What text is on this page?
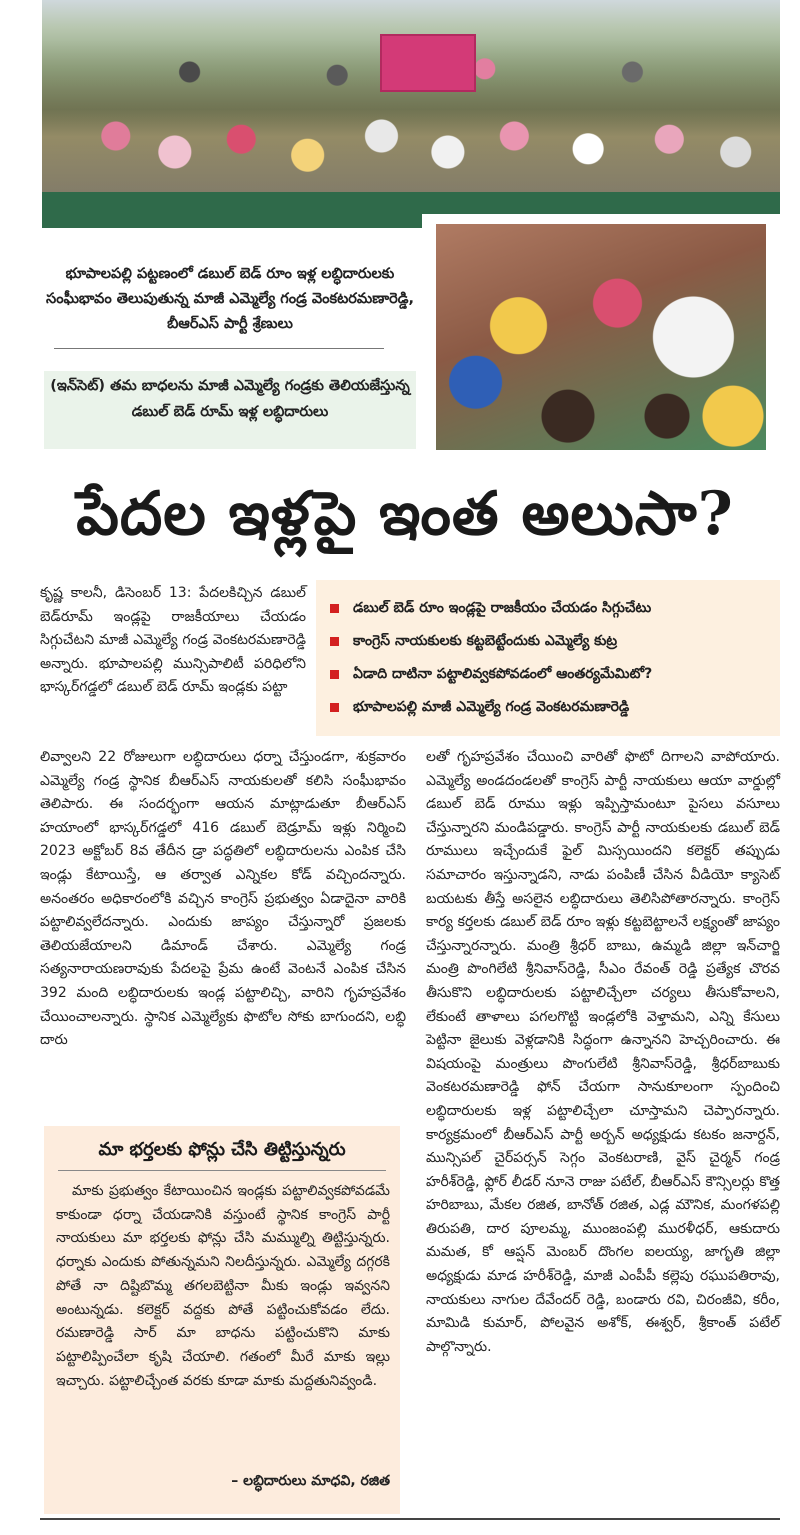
భూపాలపల్లి పట్టణంలో డబుల్ బెడ్ రూం ఇళ్ల లబ్ధిదారులకు సంఘీభావం తెలుపుతున్న మాజీ ఎమ్మెల్యే గండ్ర వెంకటరమణారెడ్డి, బీఆర్ఎస్ పార్టీ శ్రేణులు
(ఇన్‌సెట్) తమ బాధలను మాజీ ఎమ్మెల్యే గండ్రకు తెలియజేస్తున్న డబుల్ బెడ్ రూమ్ ఇళ్ల లబ్ధిదారులు
పేదల ఇళ్లపై ఇంత అలుసా?
కృష్ణ కాలనీ, డిసెంబర్ 13: పేదలకిచ్చిన డబుల్ బెడ్‌రూమ్ ఇండ్లపై రాజకీయాలు చేయడం సిగ్గుచేటని మాజీ ఎమ్మెల్యే గండ్ర వెంకటరమణారెడ్డి అన్నారు. భూపాలపల్లి మున్సిపాలిటీ పరిధిలోని భాస్కర్‌గడ్డలో డబుల్ బెడ్ రూమ్ ఇండ్లకు పట్టా
డబుల్ బెడ్ రూం ఇండ్లపై రాజకీయం చేయడం సిగ్గుచేటు
కాంగ్రెస్ నాయకులకు కట్టబెట్టేందుకు ఎమ్మెల్యే కుట్ర
ఏడాది దాటినా పట్టాలివ్వకపోవడంలో ఆంతర్యమేమిటో?
భూపాలపల్లి మాజీ ఎమ్మెల్యే గండ్ర వెంకటరమణారెడ్డి
లివ్వాలని 22 రోజులుగా లబ్ధిదారులు ధర్నా చేస్తుండగా, శుక్రవారం ఎమ్మెల్యే గండ్ర స్థానిక బీఆర్ఎస్ నాయకులతో కలిసి సంఘీభావం తెలిపారు. ఈ సందర్భంగా ఆయన మాట్లాడుతూ బీఆర్ఎస్ హయాంలో భాస్కర్‌గడ్డలో 416 డబుల్ బెడ్రూమ్ ఇళ్లు నిర్మించి 2023 అక్టోబర్ 8వ తేదీన డ్రా పద్ధతిలో లబ్ధిదారులను ఎంపిక చేసి ఇండ్లు కేటాయిస్తే, ఆ తర్వాత ఎన్నికల కోడ్ వచ్చిందన్నారు. అనంతరం అధికారంలోకి వచ్చిన కాంగ్రెస్ ప్రభుత్వం ఏడాదైనా వారికి పట్టాలివ్వలేదన్నారు. ఎందుకు జాప్యం చేస్తున్నారో ప్రజలకు తెలియజేయాలని డిమాండ్ చేశారు. ఎమ్మెల్యే గండ్ర సత్యనారాయణరావుకు పేదలపై ప్రేమ ఉంటే వెంటనే ఎంపిక చేసిన 392 మంది లబ్ధిదారులకు ఇండ్ల పట్టాలిచ్చి, వారిని గృహప్రవేశం చేయించాలన్నారు. స్థానిక ఎమ్మెల్యేకు ఫొటోల సోకు బాగుందని, లబ్ధి దారు
లతో గృహప్రవేశం చేయించి వారితో ఫొటో దిగాలని వాపోయారు. ఎమ్మెల్యే అండదండలతో కాంగ్రెస్ పార్టీ నాయకులు ఆయా వార్డుల్లో డబుల్ బెడ్ రూము ఇళ్లు ఇప్పిస్తామంటూ పైసలు వసూలు చేస్తున్నారని మండిపడ్డారు. కాంగ్రెస్ పార్టీ నాయకులకు డబుల్ బెడ్ రూములు ఇచ్చేందుకే ఫైల్ మిస్సయిందని కలెక్టర్ తప్పుడు సమాచారం ఇస్తున్నాడని, నాడు పంపిణీ చేసిన వీడియో క్యాసెట్ బయటకు తీస్తే అసలైన లబ్ధిదారులు తెలిసిపోతారన్నారు. కాంగ్రెస్ కార్య కర్తలకు డబుల్ బెడ్ రూం ఇళ్లు కట్టబెట్టాలనే లక్ష్యంతో జాప్యం చేస్తున్నారన్నారు. మంత్రి శ్రీధర్ బాబు, ఉమ్మడి జిల్లా ఇన్‌చార్జి మంత్రి పొంగిలేటి శ్రీనివాస్‌రెడ్డి, సీఎం రేవంత్ రెడ్డి ప్రత్యేక చొరవ తీసుకొని లబ్ధిదారులకు పట్టాలిచ్చేలా చర్యలు తీసుకోవాలని, లేకుంటే తాళాలు పగలగొట్టి ఇండ్లలోకి వెళ్తామని, ఎన్ని కేసులు పెట్టినా జైలుకు వెళ్లడానికి సిద్ధంగా ఉన్నానని హెచ్చరించారు. ఈ విషయంపై మంత్రులు పొంగులేటి శ్రీనివాస్‌రెడ్డి, శ్రీధర్‌బాబుకు వెంకటరమణారెడ్డి ఫోన్ చేయగా సానుకూలంగా స్పందించి లబ్ధిదారులకు ఇళ్ల పట్టాలిచ్చేలా చూస్తామని చెప్పారన్నారు. కార్యక్రమంలో బీఆర్ఎస్ పార్టీ అర్బన్ అధ్యక్షుడు కటకం జనార్దన్, మున్సిపల్ చైర్‌పర్సన్ సెగ్గం వెంకటరాణి, వైస్ చైర్మన్ గండ్ర హరీశ్‌రెడ్డి, ఫ్లోర్ లీడర్ నూనె రాజు పటేల్, బీఆర్ఎస్ కౌన్సిలర్లు కొత్త హరిబాబు, మేకల రజిత, బానోత్ రజిత, ఎడ్ల మౌనిక, మంగళపల్లి తిరుపతి, దార పూలమ్మ, ముంజంపల్లి మురళీధర్, ఆకుదారు మమత, కో ఆప్షన్ మెంబర్ దొంగల ఐలయ్య, జాగృతి జిల్లా అధ్యక్షుడు మాడ హరీశ్‌రెడ్డి, మాజీ ఎంపీపీ కల్లెపు రఘుపతిరావు, నాయకులు నాగుల దేవేందర్ రెడ్డి, బండారు రవి, చిరంజీవి, కరీం, మామిడి కుమార్, పోలవైన అశోక్, ఈశ్వర్, శ్రీకాంత్ పటేల్ పాల్గొన్నారు.
మా భర్తలకు ఫోన్లు చేసి తిట్టిస్తున్నరు
మాకు ప్రభుత్వం కేటాయించిన ఇండ్లకు పట్టాలివ్వకపోవడమే కాకుండా ధర్నా చేయడానికి వస్తుంటే స్థానిక కాంగ్రెస్ పార్టీ నాయకులు మా భర్తలకు ఫోన్లు చేసి మమ్ముల్ని తిట్టిస్తున్నరు. ధర్నాకు ఎందుకు పోతున్నమని నిలదీస్తున్నరు. ఎమ్మెల్యే దగ్గరకి పోతే నా దిష్టిబొమ్మ తగలబెట్టినా మీకు ఇండ్లు ఇవ్వనని అంటున్నడు. కలెక్టర్ వద్దకు పోతే పట్టించుకోవడం లేదు. రమణారెడ్డి సార్ మా బాధను పట్టించుకొని మాకు పట్టాలిప్పించేలా కృషి చేయాలి. గతంలో మీరే మాకు ఇల్లు ఇచ్చారు. పట్టాలిచ్చేంత వరకు కూడా మాకు మద్దతునివ్వండి.
– లబ్ధిదారులు మాధవి, రజిత
